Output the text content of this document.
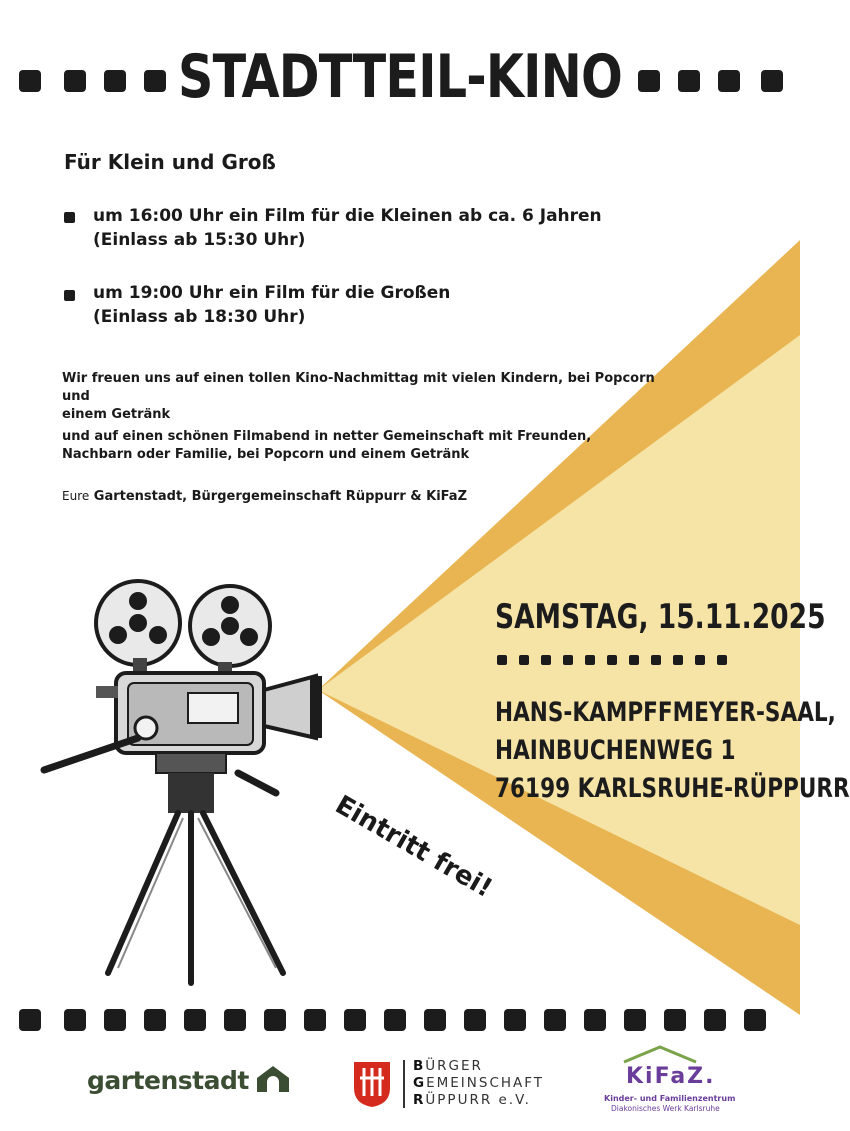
STADTTEIL-KINO
Für Klein und Groß
um 16:00 Uhr ein Film für die Kleinen ab ca. 6 Jahren
(Einlass ab 15:30 Uhr)
um 19:00 Uhr ein Film für die Großen
(Einlass ab 18:30 Uhr)
Wir freuen uns auf einen tollen Kino-Nachmittag mit vielen Kindern, bei Popcorn und
einem Getränk
und auf einen schönen Filmabend in netter Gemeinschaft mit Freunden,
Nachbarn oder Familie, bei Popcorn und einem Getränk
Eure Gartenstadt, Bürgergemeinschaft Rüppurr & KiFaZ
SAMSTAG, 15.11.2025
HANS-KAMPFFMEYER-SAAL,
HAINBUCHENWEG 1
76199 KARLSRUHE-RÜPPURR
Eintritt frei!
gartenstadt	BÜRGER
GEMEINSCHAFT
RÜPPURR e.V.
KiFaZ.
Kinder- und Familienzentrum
Diakonisches Werk Karlsruhe
